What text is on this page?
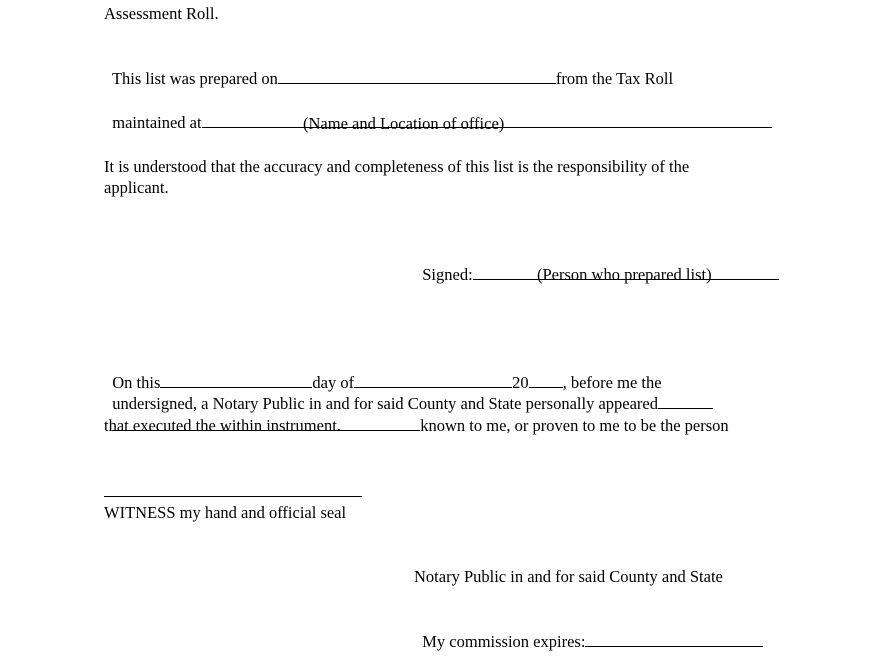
Assessment Roll.

This list was prepared on	from the Tax Roll

maintained at	(Name and Location of office)
It is understood that the accuracy and completeness of this list is the responsibility of the
applicant.

Signed:	(Person who prepared list)

On this	day of	20 , before me the

undersigned, a Notary Public in and for said County and State personally appeared

known to me, or proven to me to be the person

that executed the within instrument.
WITNESS my hand and official seal
Notary Public in and for said County and State

My commission expires:
